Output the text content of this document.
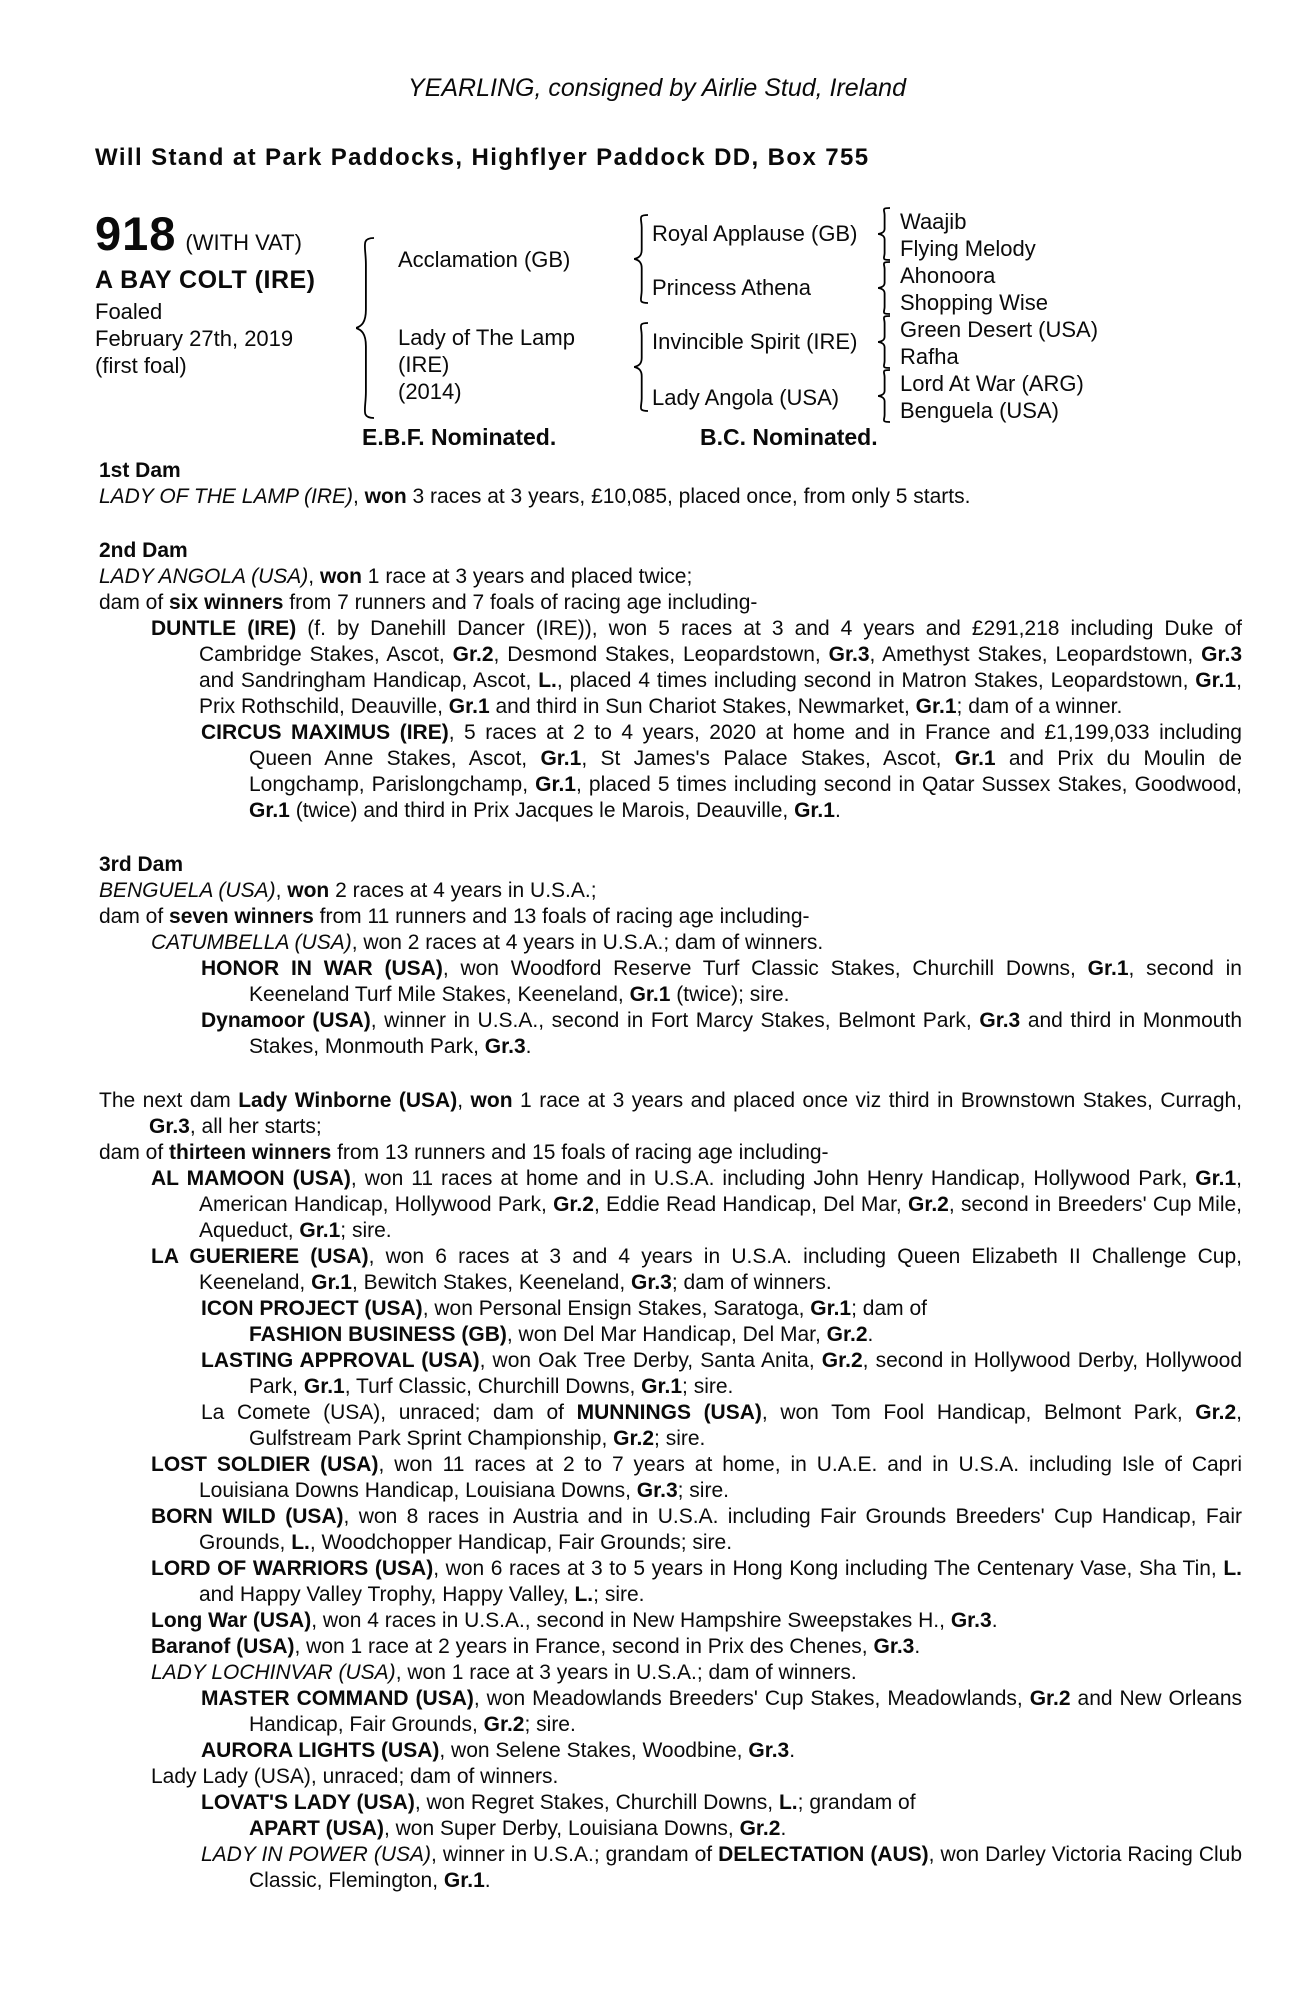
YEARLING, consigned by Airlie Stud, Ireland
Will Stand at Park Paddocks, Highflyer Paddock DD, Box 755
918 (WITH VAT)
A BAY COLT (IRE)
Foaled
February 27th, 2019
(first foal)
Acclamation (GB)
Lady of The Lamp
(IRE)
(2014)
Royal Applause (GB)
Princess Athena
Invincible Spirit (IRE)
Lady Angola (USA)
Waajib
Flying Melody
Ahonoora
Shopping Wise
Green Desert (USA)
Rafha
Lord At War (ARG)
Benguela (USA)
E.B.F. Nominated.	B.C. Nominated.
1st Dam
LADY OF THE LAMP (IRE), won 3 races at 3 years, £10,085, placed once, from only 5 starts.
2nd Dam
LADY ANGOLA (USA), won 1 race at 3 years and placed twice;
dam of six winners from 7 runners and 7 foals of racing age including-
DUNTLE (IRE) (f. by Danehill Dancer (IRE)), won 5 races at 3 and 4 years and £291,218 including Duke of Cambridge Stakes, Ascot, Gr.2, Desmond Stakes, Leopardstown, Gr.3, Amethyst Stakes, Leopardstown, Gr.3 and Sandringham Handicap, Ascot, L., placed 4 times including second in Matron Stakes, Leopardstown, Gr.1, Prix Rothschild, Deauville, Gr.1 and third in Sun Chariot Stakes, Newmarket, Gr.1; dam of a winner.
CIRCUS MAXIMUS (IRE), 5 races at 2 to 4 years, 2020 at home and in France and £1,199,033 including Queen Anne Stakes, Ascot, Gr.1, St James's Palace Stakes, Ascot, Gr.1 and Prix du Moulin de Longchamp, Parislongchamp, Gr.1, placed 5 times including second in Qatar Sussex Stakes, Goodwood, Gr.1 (twice) and third in Prix Jacques le Marois, Deauville, Gr.1.
3rd Dam
BENGUELA (USA), won 2 races at 4 years in U.S.A.;
dam of seven winners from 11 runners and 13 foals of racing age including-
CATUMBELLA (USA), won 2 races at 4 years in U.S.A.; dam of winners.
HONOR IN WAR (USA), won Woodford Reserve Turf Classic Stakes, Churchill Downs, Gr.1, second in Keeneland Turf Mile Stakes, Keeneland, Gr.1 (twice); sire.
Dynamoor (USA), winner in U.S.A., second in Fort Marcy Stakes, Belmont Park, Gr.3 and third in Monmouth Stakes, Monmouth Park, Gr.3.
The next dam Lady Winborne (USA), won 1 race at 3 years and placed once viz third in Brownstown Stakes, Curragh, Gr.3, all her starts;
dam of thirteen winners from 13 runners and 15 foals of racing age including-
AL MAMOON (USA), won 11 races at home and in U.S.A. including John Henry Handicap, Hollywood Park, Gr.1, American Handicap, Hollywood Park, Gr.2, Eddie Read Handicap, Del Mar, Gr.2, second in Breeders' Cup Mile, Aqueduct, Gr.1; sire.
LA GUERIERE (USA), won 6 races at 3 and 4 years in U.S.A. including Queen Elizabeth II Challenge Cup, Keeneland, Gr.1, Bewitch Stakes, Keeneland, Gr.3; dam of winners.
ICON PROJECT (USA), won Personal Ensign Stakes, Saratoga, Gr.1; dam of
FASHION BUSINESS (GB), won Del Mar Handicap, Del Mar, Gr.2.
LASTING APPROVAL (USA), won Oak Tree Derby, Santa Anita, Gr.2, second in Hollywood Derby, Hollywood Park, Gr.1, Turf Classic, Churchill Downs, Gr.1; sire.
La Comete (USA), unraced; dam of MUNNINGS (USA), won Tom Fool Handicap, Belmont Park, Gr.2, Gulfstream Park Sprint Championship, Gr.2; sire.
LOST SOLDIER (USA), won 11 races at 2 to 7 years at home, in U.A.E. and in U.S.A. including Isle of Capri Louisiana Downs Handicap, Louisiana Downs, Gr.3; sire.
BORN WILD (USA), won 8 races in Austria and in U.S.A. including Fair Grounds Breeders' Cup Handicap, Fair Grounds, L., Woodchopper Handicap, Fair Grounds; sire.
LORD OF WARRIORS (USA), won 6 races at 3 to 5 years in Hong Kong including The Centenary Vase, Sha Tin, L. and Happy Valley Trophy, Happy Valley, L.; sire.
Long War (USA), won 4 races in U.S.A., second in New Hampshire Sweepstakes H., Gr.3.
Baranof (USA), won 1 race at 2 years in France, second in Prix des Chenes, Gr.3.
LADY LOCHINVAR (USA), won 1 race at 3 years in U.S.A.; dam of winners.
MASTER COMMAND (USA), won Meadowlands Breeders' Cup Stakes, Meadowlands, Gr.2 and New Orleans Handicap, Fair Grounds, Gr.2; sire.
AURORA LIGHTS (USA), won Selene Stakes, Woodbine, Gr.3.
Lady Lady (USA), unraced; dam of winners.
LOVAT'S LADY (USA), won Regret Stakes, Churchill Downs, L.; grandam of
APART (USA), won Super Derby, Louisiana Downs, Gr.2.
LADY IN POWER (USA), winner in U.S.A.; grandam of DELECTATION (AUS), won Darley Victoria Racing Club Classic, Flemington, Gr.1.
